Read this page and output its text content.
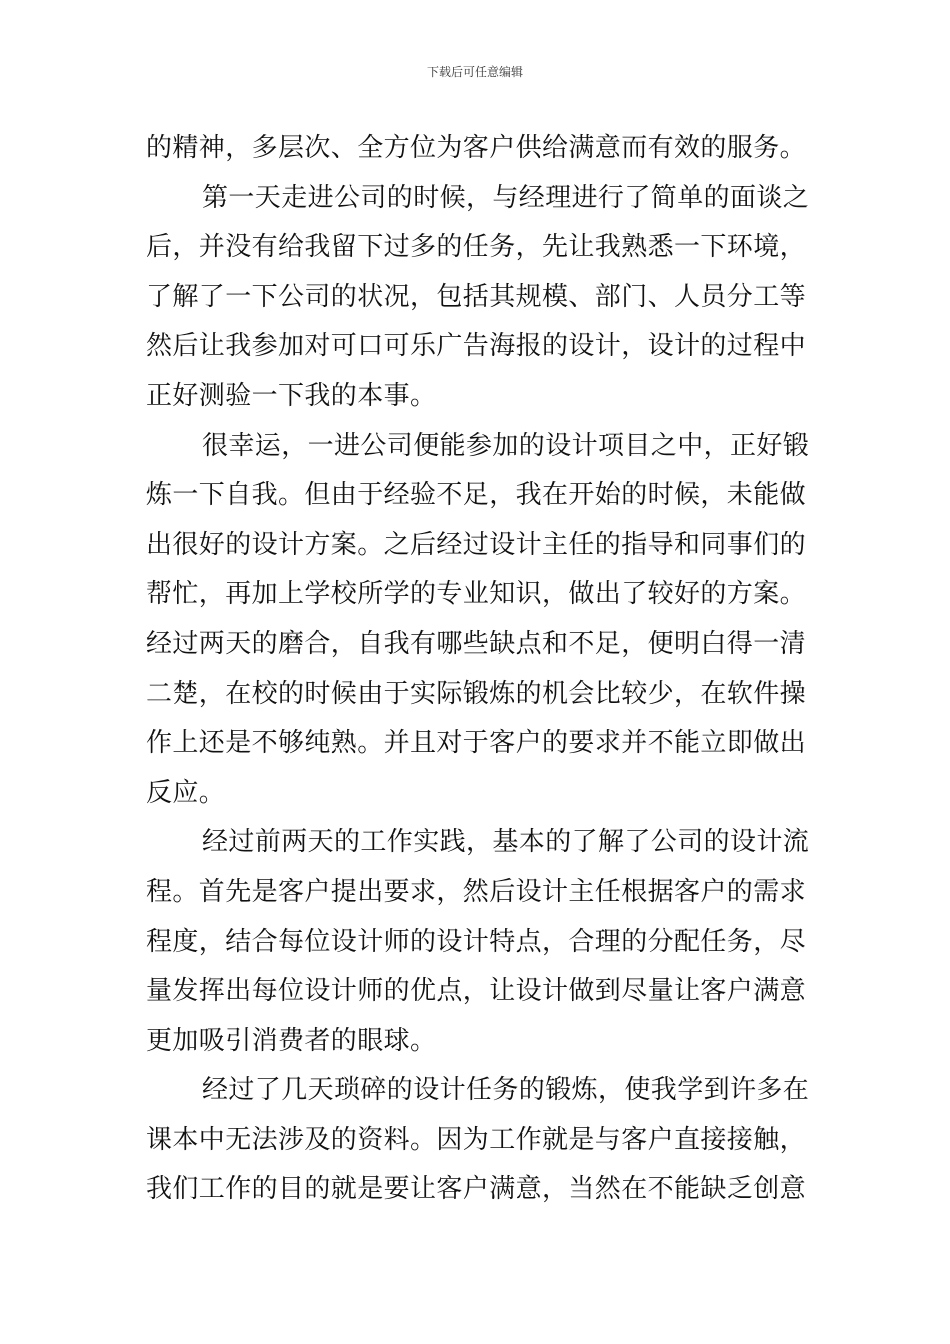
下载后可任意编辑
的精神，多层次、全方位为客户供给满意而有效的服务。
第一天走进公司的时候，与经理进行了简单的面谈之
后，并没有给我留下过多的任务，先让我熟悉一下环境，
了解了一下公司的状况，包括其规模、部门、人员分工等
然后让我参加对可口可乐广告海报的设计，设计的过程中
正好测验一下我的本事。
很幸运，一进公司便能参加的设计项目之中，正好锻
炼一下自我。但由于经验不足，我在开始的时候，未能做
出很好的设计方案。之后经过设计主任的指导和同事们的
帮忙，再加上学校所学的专业知识，做出了较好的方案。
经过两天的磨合，自我有哪些缺点和不足，便明白得一清
二楚，在校的时候由于实际锻炼的机会比较少，在软件操
作上还是不够纯熟。并且对于客户的要求并不能立即做出
反应。
经过前两天的工作实践，基本的了解了公司的设计流
程。首先是客户提出要求，然后设计主任根据客户的需求
程度，结合每位设计师的设计特点，合理的分配任务，尽
量发挥出每位设计师的优点，让设计做到尽量让客户满意
更加吸引消费者的眼球。
经过了几天琐碎的设计任务的锻炼，使我学到许多在
课本中无法涉及的资料。因为工作就是与客户直接接触，
我们工作的目的就是要让客户满意，当然在不能缺乏创意
